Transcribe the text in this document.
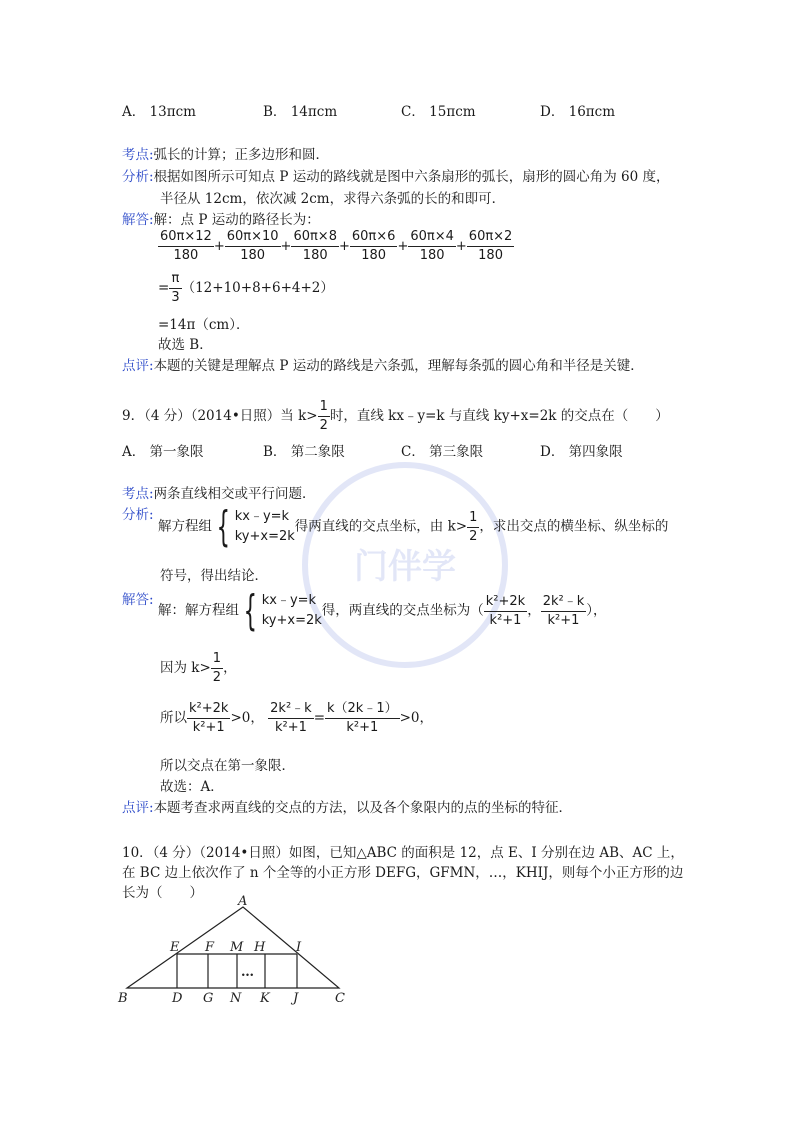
门伴学
A． 13πcm	B． 14πcm	C． 15πcm	D． 16πcm
考点:弧长的计算；正多边形和圆．
分析:根据如图所示可知点 P 运动的路线就是图中六条扇形的弧长，扇形的圆心角为 60 度，
半径从 12cm，依次减 2cm，求得六条弧的长的和即可．
解答:解：点 P 运动的路径长为：
$\frac{60\pi\times 12}{180} + \frac{60\pi\times 10}{180} + \frac{60\pi\times 8}{180} + \frac{60\pi\times 6}{180} + \frac{60\pi\times 4}{180} + \frac{60\pi\times 2}{180}$
= $\frac{\pi}{3} (12+10+8+6+4+2)$
=14π（cm）．
故选 B．
点评:本题的关键是理解点 P 运动的路线是六条弧，理解每条弧的圆心角和半径是关键．
9．（4 分）（2014•日照）当 $k> \frac{1}{2}$ 时，直线 kx﹣y=k 与直线 ky+x=2k 的交点在（　　）
A． 第一象限	B． 第二象限	C． 第三象限	D． 第四象限
考点:两条直线相交或平行问题．
分析:
解方程组 { kx﹣y=k
ky+x=2k得两直线的交点坐标，由 $k> \frac{1}{2}$ ，求出交点的横坐标、纵坐标的
符号，得出结论．
解答:
解：解方程组 { kx﹣y=k
ky+x=2k得，两直线的交点坐标为（ $\frac{\text{k²+2k}}{\text{k²+1}}$ ， $\frac{\text{2k²﹣k}}{\text{k²+1}}$ ），
因为 $k> \frac{1}{2}$ ，
所以 $\frac{\text{k²+2k}}{\text{k²+1}} >0$， $\frac{\text{2k²﹣k}}{\text{k²+1}} = \frac{k(2k﹣1)}{\text{k²+1}} >0$，
所以交点在第一象限．
故选：A．
点评:本题考查求两直线的交点的方法，以及各个象限内的点的坐标的特征．
10．（4 分）（2014•日照）如图，已知△ABC 的面积是 12，点 E、I 分别在边 AB、AC 上，
在 BC 边上依次作了 n 个全等的小正方形 DEFG，GFMN，…，KHIJ，则每个小正方形的边
长为（　　）
A
B	C
D
E F
G
H I
J
K
M
N
…
